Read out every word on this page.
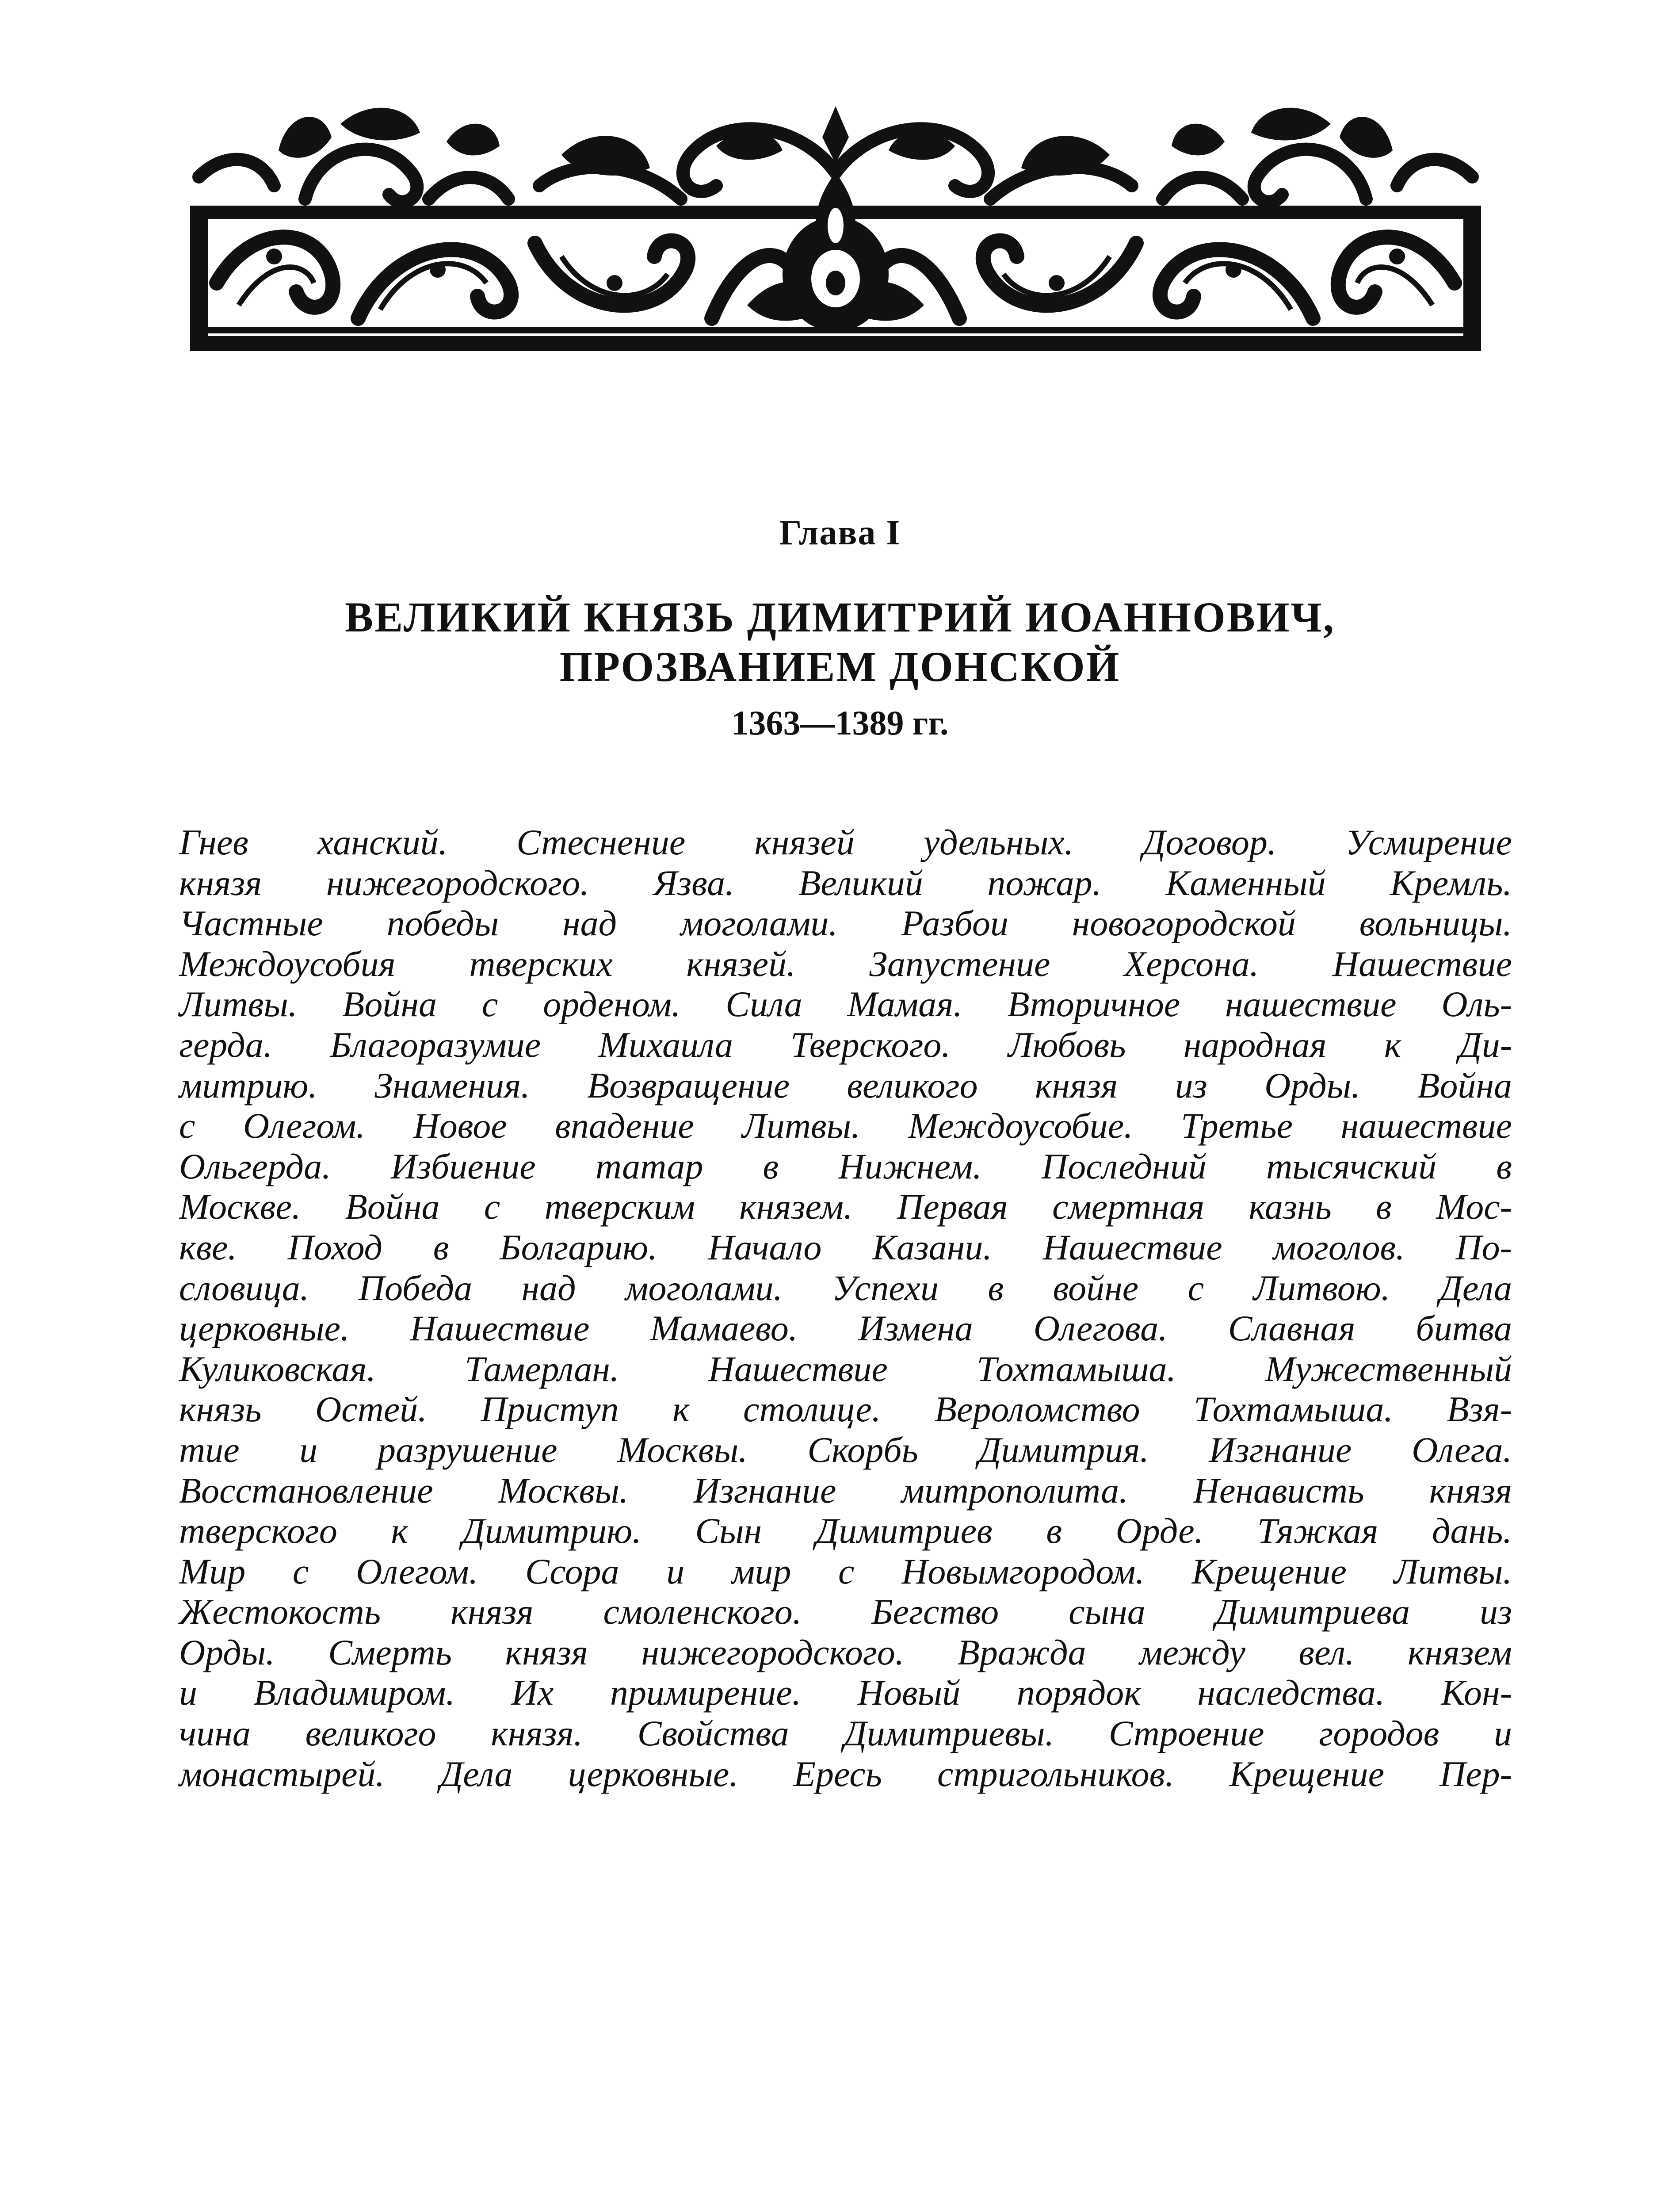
Глава I
ВЕЛИКИЙ КНЯЗЬ ДИМИТРИЙ ИОАННОВИЧ,
ПРОЗВАНИЕМ ДОНСКОЙ
1363—1389 гг.
Гнев ханский. Стеснение князей удельных. Договор. Усмирение
князя нижегородского. Язва. Великий пожар. Каменный Кремль.
Частные победы над моголами. Разбои новогородской вольницы.
Междоусобия тверских князей. Запустение Херсона. Нашествие
Литвы. Война с орденом. Сила Мамая. Вторичное нашествие Оль-
герда. Благоразумие Михаила Тверского. Любовь народная к Ди-
митрию. Знамения. Возвращение великого князя из Орды. Война
с Олегом. Новое впадение Литвы. Междоусобие. Третье нашествие
Ольгерда. Избиение татар в Нижнем. Последний тысячский в
Москве. Война с тверским князем. Первая смертная казнь в Мос-
кве. Поход в Болгарию. Начало Казани. Нашествие моголов. По-
словица. Победа над моголами. Успехи в войне с Литвою. Дела
церковные. Нашествие Мамаево. Измена Олегова. Славная битва
Куликовская. Тамерлан. Нашествие Тохтамыша. Мужественный
князь Остей. Приступ к столице. Вероломство Тохтамыша. Взя-
тие и разрушение Москвы. Скорбь Димитрия. Изгнание Олега.
Восстановление Москвы. Изгнание митрополита. Ненависть князя
тверского к Димитрию. Сын Димитриев в Орде. Тяжкая дань.
Мир с Олегом. Ссора и мир с Новымгородом. Крещение Литвы.
Жестокость князя смоленского. Бегство сына Димитриева из
Орды. Смерть князя нижегородского. Вражда между вел. князем
и Владимиром. Их примирение. Новый порядок наследства. Кон-
чина великого князя. Свойства Димитриевы. Строение городов и
монастырей. Дела церковные. Ересь стригольников. Крещение Пер-
